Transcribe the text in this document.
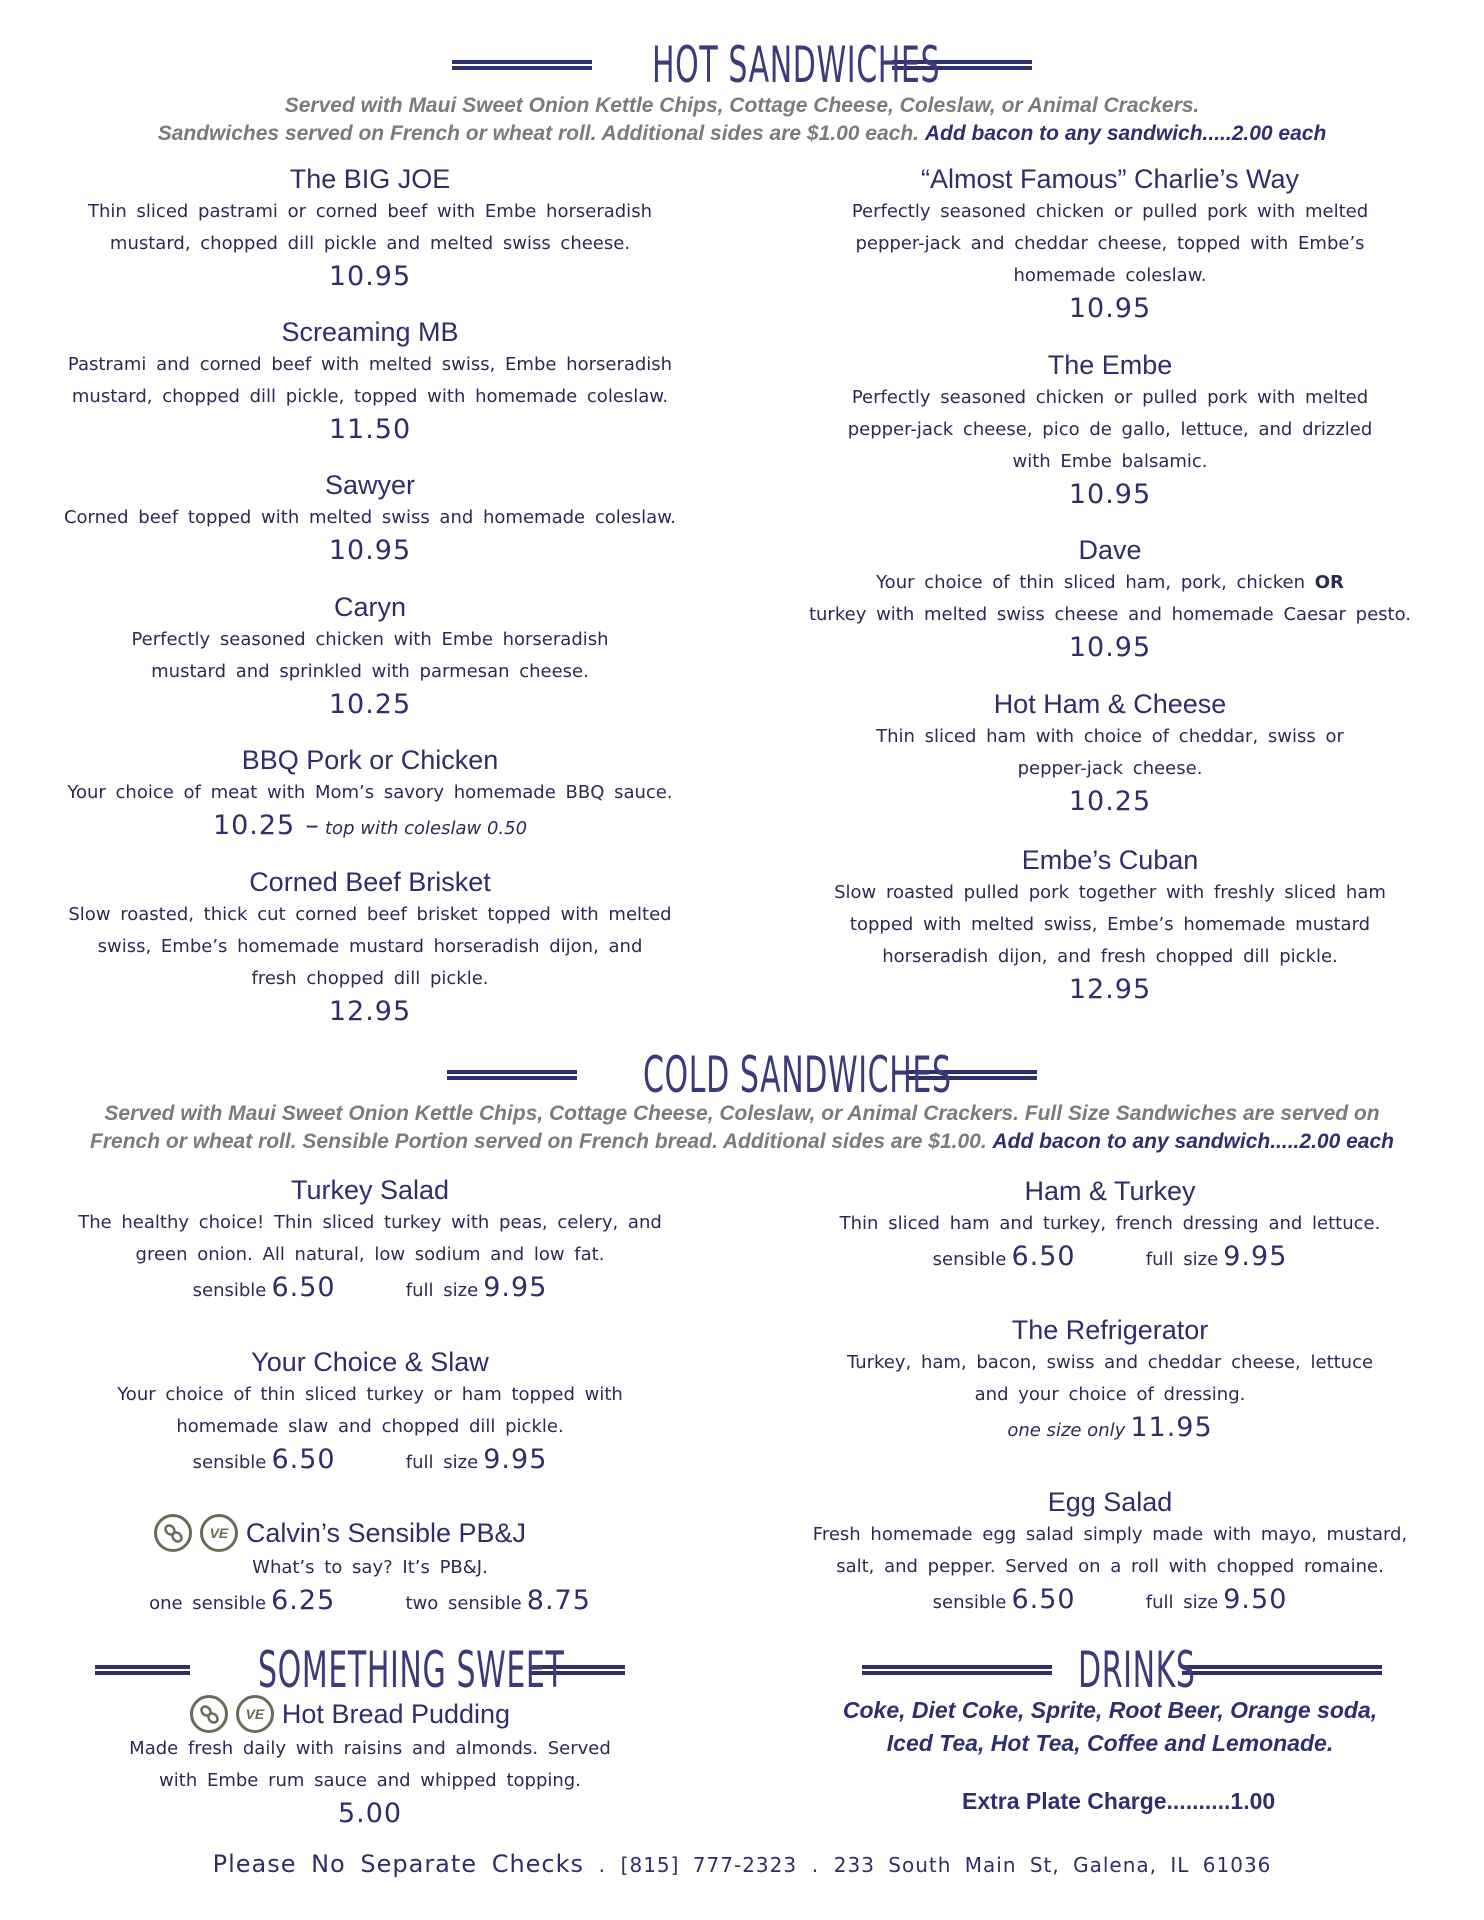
HOT SANDWICHES
Served with Maui Sweet Onion Kettle Chips, Cottage Cheese, Coleslaw, or Animal Crackers.
Sandwiches served on French or wheat roll. Additional sides are $1.00 each. Add bacon to any sandwich.....2.00 each
The BIG JOE
Thin sliced pastrami or corned beef with Embe horseradish
mustard, chopped dill pickle and melted swiss cheese.
10.95
Screaming MB
Pastrami and corned beef with melted swiss, Embe horseradish
mustard, chopped dill pickle, topped with homemade coleslaw.
11.50
Sawyer
Corned beef topped with melted swiss and homemade coleslaw.
10.95
Caryn
Perfectly seasoned chicken with Embe horseradish
mustard and sprinkled with parmesan cheese.
10.25
BBQ Pork or Chicken
Your choice of meat with Mom’s savory homemade BBQ sauce.
10.25 – top with coleslaw 0.50
Corned Beef Brisket
Slow roasted, thick cut corned beef brisket topped with melted
swiss, Embe’s homemade mustard horseradish dijon, and
fresh chopped dill pickle.
12.95
“Almost Famous” Charlie’s Way
Perfectly seasoned chicken or pulled pork with melted
pepper-jack and cheddar cheese, topped with Embe’s
homemade coleslaw.
10.95
The Embe
Perfectly seasoned chicken or pulled pork with melted
pepper-jack cheese, pico de gallo, lettuce, and drizzled
with Embe balsamic.
10.95
Dave
Your choice of thin sliced ham, pork, chicken OR
turkey with melted swiss cheese and homemade Caesar pesto.
10.95
Hot Ham & Cheese
Thin sliced ham with choice of cheddar, swiss or
pepper-jack cheese.
10.25
Embe’s Cuban
Slow roasted pulled pork together with freshly sliced ham
topped with melted swiss, Embe’s homemade mustard
horseradish dijon, and fresh chopped dill pickle.
12.95
COLD SANDWICHES
Served with Maui Sweet Onion Kettle Chips, Cottage Cheese, Coleslaw, or Animal Crackers. Full Size Sandwiches are served on
French or wheat roll. Sensible Portion served on French bread. Additional sides are $1.00. Add bacon to any sandwich.....2.00 each
Turkey Salad
The healthy choice! Thin sliced turkey with peas, celery, and
green onion. All natural, low sodium and low fat.
sensible 6.50	full size 9.95
Your Choice & Slaw
Your choice of thin sliced turkey or ham topped with
homemade slaw and chopped dill pickle.
sensible 6.50	full size 9.95
VE Calvin’s Sensible PB&J
What’s to say? It’s PB&J.
one sensible 6.25	two sensible 8.75
Ham & Turkey
Thin sliced ham and turkey, french dressing and lettuce.
sensible 6.50	full size 9.95
The Refrigerator
Turkey, ham, bacon, swiss and cheddar cheese, lettuce
and your choice of dressing.
one size only 11.95
Egg Salad
Fresh homemade egg salad simply made with mayo, mustard,
salt, and pepper. Served on a roll with chopped romaine.
sensible 6.50	full size 9.50
SOMETHING SWEET
VE Hot Bread Pudding
Made fresh daily with raisins and almonds. Served
with Embe rum sauce and whipped topping.
5.00
DRINKS
Coke, Diet Coke, Sprite, Root Beer, Orange soda,
Iced Tea, Hot Tea, Coffee and Lemonade.
Extra Plate Charge..........1.00
Please No Separate Checks . [815] 777-2323 . 233 South Main St, Galena, IL 61036
